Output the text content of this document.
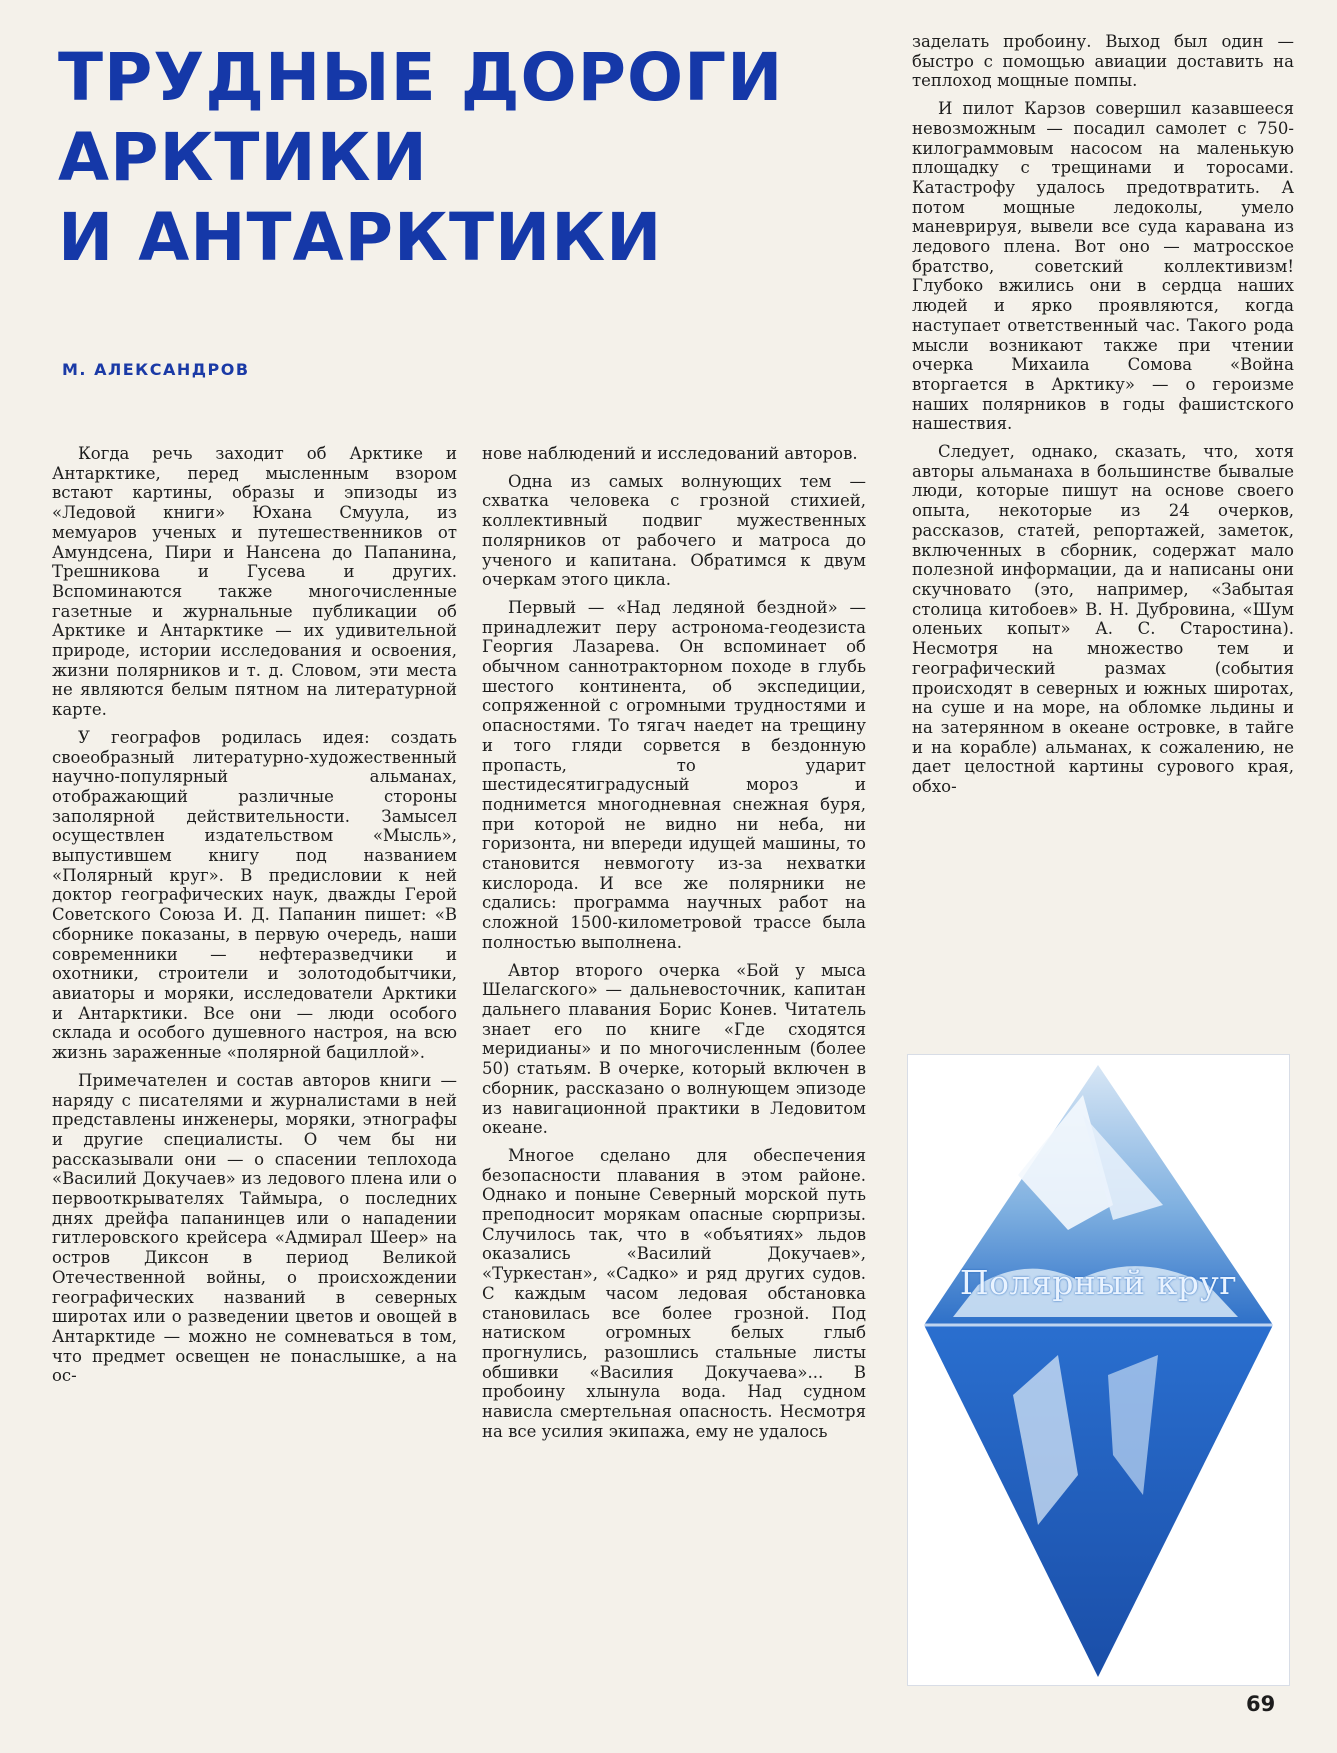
ТРУДНЫЕ ДОРОГИ
АРКТИКИ
И АНТАРКТИКИ
М. АЛЕКСАНДРОВ

Когда речь заходит об Арктике и Антарктике, перед мысленным взором встают картины, образы и эпизоды из «Ледовой книги» Юхана Смуула, из мемуаров ученых и путешественников от Амундсена, Пири и Нансена до Папанина, Трешникова и Гусева и других. Вспоминаются также многочисленные газетные и журнальные публикации об Арктике и Антарктике — их удивительной природе, истории исследования и освоения, жизни полярников и т. д. Словом, эти места не являются белым пятном на литературной карте.

У географов родилась идея: создать своеобразный литературно-художественный научно-популярный альманах, отображающий различные стороны заполярной действительности. Замысел осуществлен издательством «Мысль», выпустившем книгу под названием «Полярный круг». В предисловии к ней доктор географических наук, дважды Герой Советского Союза И. Д. Папанин пишет: «В сборнике показаны, в первую очередь, наши современники — нефтеразведчики и охотники, строители и золотодобытчики, авиаторы и моряки, исследователи Арктики и Антарктики. Все они — люди особого склада и особого душевного настроя, на всю жизнь зараженные «полярной бациллой».

Примечателен и состав авторов книги — наряду с писателями и журналистами в ней представлены инженеры, моряки, этнографы и другие специалисты. О чем бы ни рассказывали они — о спасении теплохода «Василий Докучаев» из ледового плена или о первооткрывателях Таймыра, о последних днях дрейфа папанинцев или о нападении гитлеровского крейсера «Адмирал Шеер» на остров Диксон в период Великой Отечественной войны, о происхождении географических названий в северных широтах или о разведении цветов и овощей в Антарктиде — можно не сомневаться в том, что предмет освещен не понаслышке, а на ос-

нове наблюдений и исследований авторов.

Одна из самых волнующих тем — схватка человека с грозной стихией, коллективный подвиг мужественных полярников от рабочего и матроса до ученого и капитана. Обратимся к двум очеркам этого цикла.

Первый — «Над ледяной бездной» — принадлежит перу астронома-геодезиста Георгия Лазарева. Он вспоминает об обычном саннотракторном походе в глубь шестого континента, об экспедиции, сопряженной с огромными трудностями и опасностями. То тягач наедет на трещину и того гляди сорвется в бездонную пропасть, то ударит шестидесятиградусный мороз и поднимется многодневная снежная буря, при которой не видно ни неба, ни горизонта, ни впереди идущей машины, то становится невмоготу из-за нехватки кислорода. И все же полярники не сдались: программа научных работ на сложной 1500-километровой трассе была полностью выполнена.

Автор второго очерка «Бой у мыса Шелагского» — дальневосточник, капитан дальнего плавания Борис Конев. Читатель знает его по книге «Где сходятся меридианы» и по многочисленным (более 50) статьям. В очерке, который включен в сборник, рассказано о волнующем эпизоде из навигационной практики в Ледовитом океане.

Многое сделано для обеспечения безопасности плавания в этом районе. Однако и поныне Северный морской путь преподносит морякам опасные сюрпризы. Случилось так, что в «объятиях» льдов оказались «Василий Докучаев», «Туркестан», «Садко» и ряд других судов. С каждым часом ледовая обстановка становилась все более грозной. Под натиском огромных белых глыб прогнулись, разошлись стальные листы обшивки «Василия Докучаева»... В пробоину хлынула вода. Над судном нависла смертельная опасность. Несмотря на все усилия экипажа, ему не удалось

заделать пробоину. Выход был один — быстро с помощью авиации доставить на теплоход мощные помпы.

И пилот Карзов совершил казавшееся невозможным — посадил самолет с 750-килограммовым насосом на маленькую площадку с трещинами и торосами. Катастрофу удалось предотвратить. А потом мощные ледоколы, умело маневрируя, вывели все суда каравана из ледового плена. Вот оно — матросское братство, советский коллективизм! Глубоко вжились они в сердца наших людей и ярко проявляются, когда наступает ответственный час. Такого рода мысли возникают также при чтении очерка Михаила Сомова «Война вторгается в Арктику» — о героизме наших полярников в годы фашистского нашествия.

Следует, однако, сказать, что, хотя авторы альманаха в большинстве бывалые люди, которые пишут на основе своего опыта, некоторые из 24 очерков, рассказов, статей, репортажей, заметок, включенных в сборник, содержат мало полезной информации, да и написаны они скучновато (это, например, «Забытая столица китобоев» В. Н. Дубровина, «Шум оленьих копыт» А. С. Старостина). Несмотря на множество тем и географический размах (события происходят в северных и южных широтах, на суше и на море, на обломке льдины и на затерянном в океане островке, в тайге и на корабле) альманах, к сожалению, не дает целостной картины сурового края, обхо-

Полярный круг
69
